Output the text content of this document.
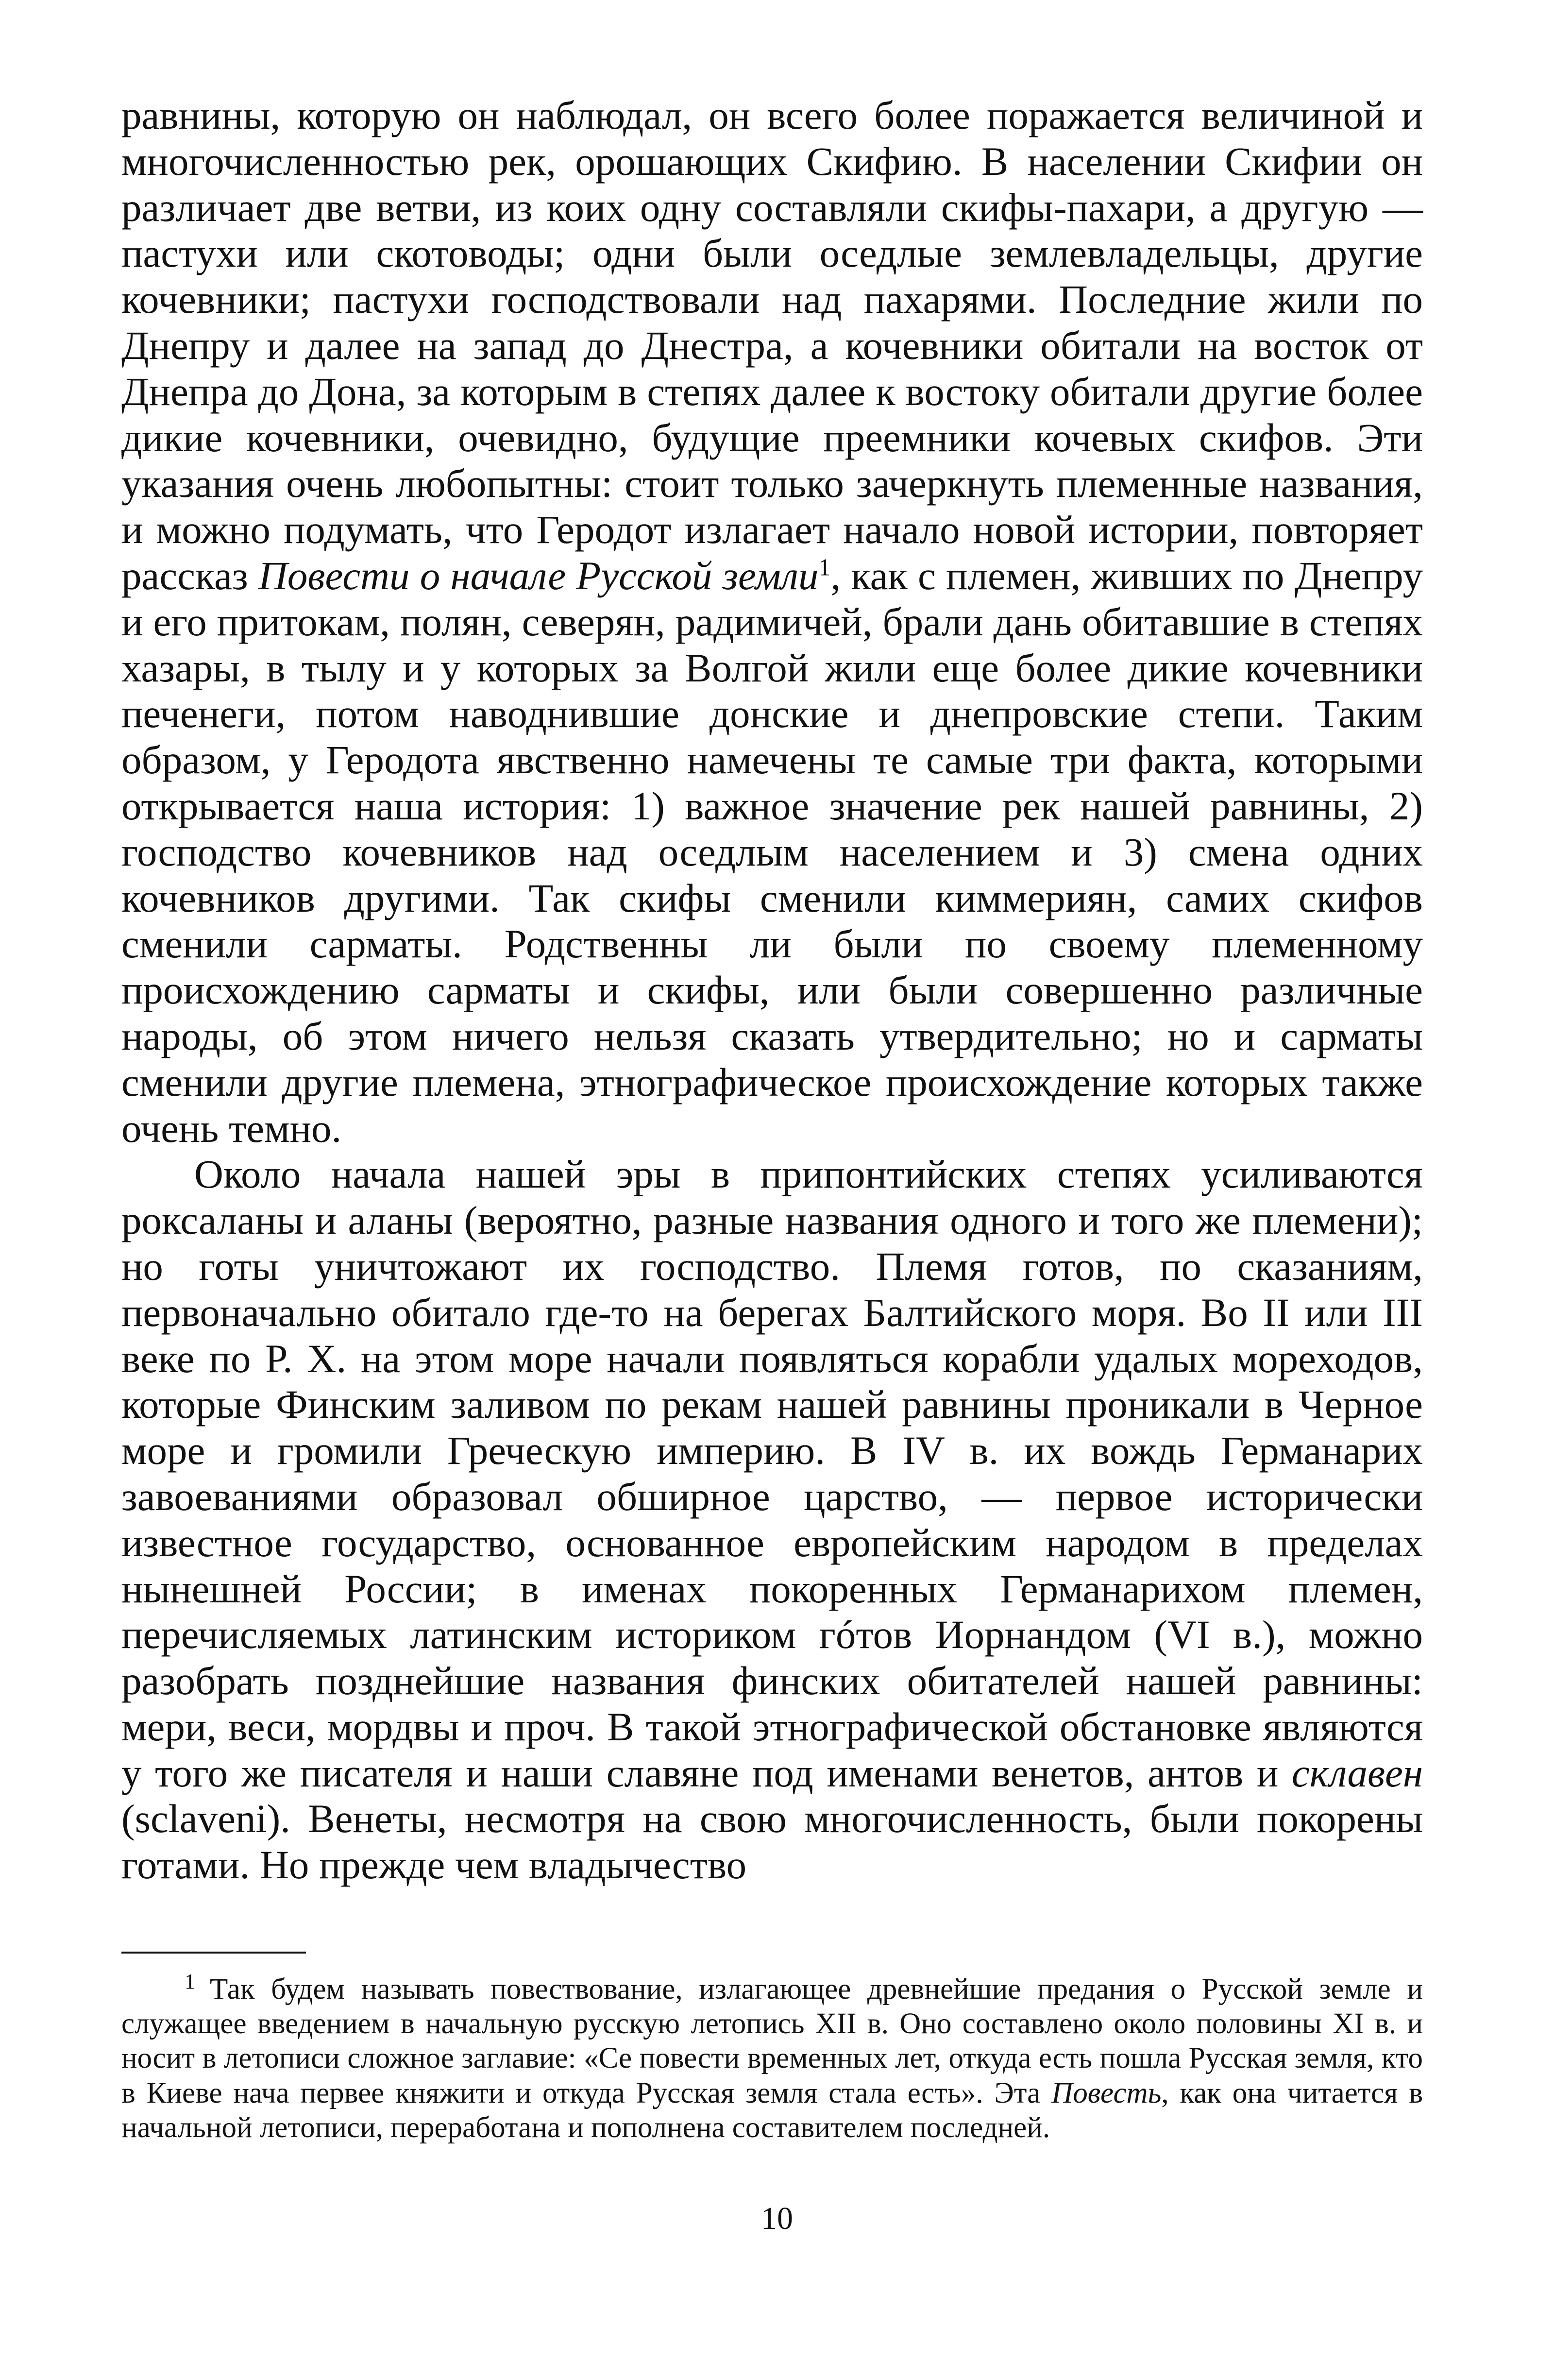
равнины, которую он наблюдал, он всего более поражается величиной и многочисленностью рек, орошающих Скифию. В населении Скифии он различает две ветви, из коих одну составляли скифы-пахари, а другую — пастухи или скотоводы; одни были оседлые землевладельцы, другие кочевники; пастухи господствовали над пахарями. Последние жили по Днепру и далее на запад до Днестра, а кочевники обитали на восток от Днепра до Дона, за которым в степях далее к востоку обитали другие более дикие кочевники, очевидно, будущие преемники кочевых скифов. Эти указания очень любопытны: стоит только зачеркнуть племенные названия, и можно подумать, что Геродот излагает начало новой истории, повторяет рассказ Повести о начале Русской земли$^1$, как с племен, живших по Днепру и его притокам, полян, северян, радимичей, брали дань обитавшие в степях хазары, в тылу и у которых за Волгой жили еще более дикие кочевники печенеги, потом наводнившие донские и днепровские степи. Таким образом, у Геродота явственно намечены те самые три факта, которыми открывается наша история: 1) важное значение рек нашей равнины, 2) господство кочевников над оседлым населением и 3) смена одних кочевников другими. Так скифы сменили киммериян, самих скифов сменили сарматы. Родственны ли были по своему племенному происхождению сарматы и скифы, или были совершенно различные народы, об этом ничего нельзя сказать утвердительно; но и сарматы сменили другие племена, этнографическое происхождение которых также очень темно.

Около начала нашей эры в припонтийских степях усиливаются роксаланы и аланы (вероятно, разные названия одного и того же племени); но готы уничтожают их господство. Племя готов, по сказаниям, первоначально обитало где-то на берегах Балтийского моря. Во II или III веке по Р. Х. на этом море начали появляться корабли удалых мореходов, которые Финским заливом по рекам нашей равнины проникали в Черное море и громили Греческую империю. В IV в. их вождь Германарих завоеваниями образовал обширное царство, — первое исторически известное государство, основанное европейским народом в пределах нынешней России; в именах покоренных Германарихом племен, перечисляемых латинским историком гóтов Иорнандом (VI в.), можно разобрать позднейшие названия финских обитателей нашей равнины: мери, веси, мордвы и проч. В такой этнографической обстановке являются у того же писателя и наши славяне под именами венетов, антов и склавен (sclaveni). Венеты, несмотря на свою многочисленность, были покорены готами. Но прежде чем владычество

$^1$ Так будем называть повествование, излагающее древнейшие предания о Русской земле и служащее введением в начальную русскую летопись XII в. Оно составлено около половины XI в. и носит в летописи сложное заглавие: «Се повести временных лет, откуда есть пошла Русская земля, кто в Киеве нача первее княжити и откуда Русская земля стала есть». Эта Повесть, как она читается в начальной летописи, переработана и пополнена составителем последней.

10
